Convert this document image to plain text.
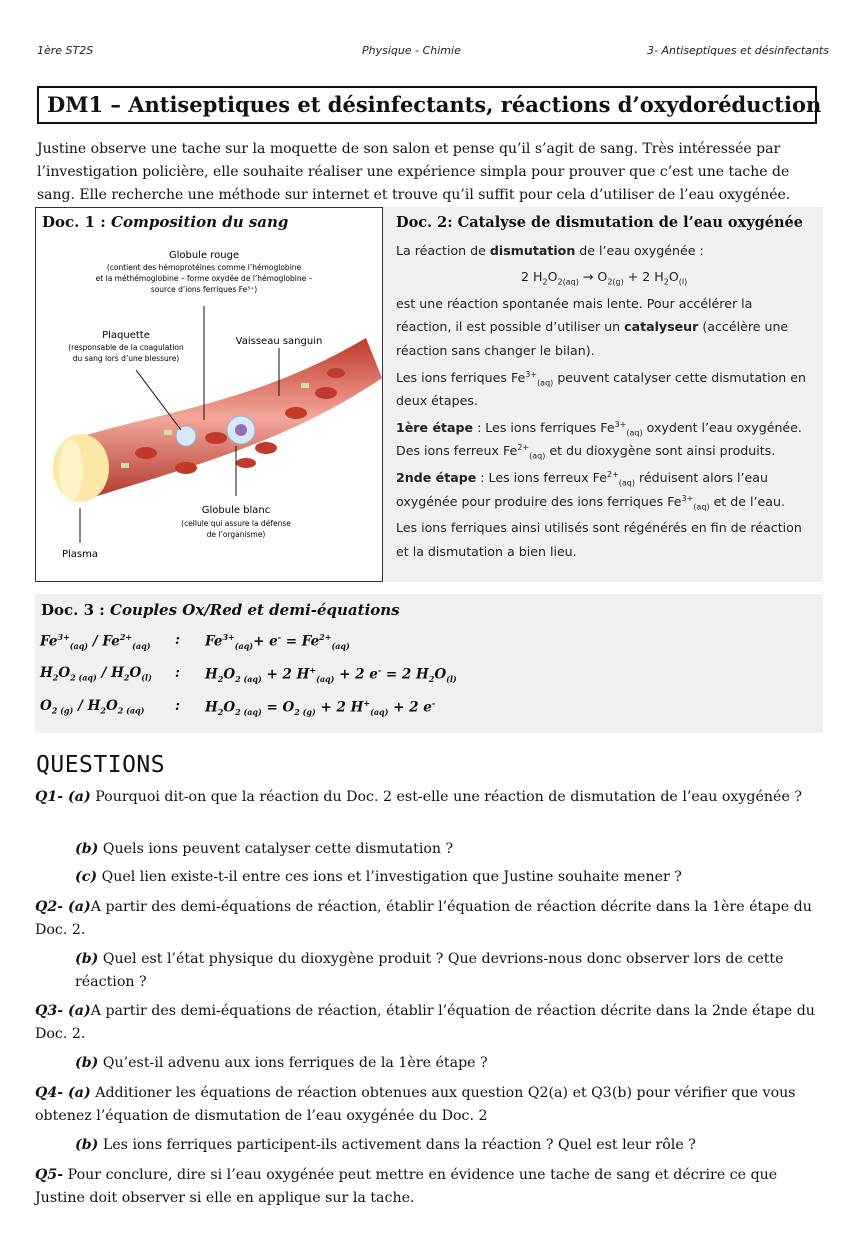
1ère ST2S	Physique - Chimie	3- Antiseptiques et désinfectants
DM1 – Antiseptiques et désinfectants, réactions d’oxydoréduction
Justine observe une tache sur la moquette de son salon et pense qu’il s’agit de sang. Très intéressée par l’investigation policière, elle souhaite réaliser une expérience simpla pour prouver que c’est une tache de sang. Elle recherche une méthode sur internet et trouve qu’il suffit pour cela d’utiliser de l’eau oxygénée.
Doc. 1 : Composition du sang
Globule rouge
(contient des hémoprotéines comme l’hémoglobine
et la méthémoglobine – forme oxydée de l’hémoglobine –
source d’ions ferriques Fe³⁺)
Plaquette
(responsable de la coagulation
du sang lors d’une blessure)
Vaisseau sanguin
Globule blanc
(cellule qui assure la défense
de l’organisme)
Plasma
Doc. 2: Catalyse de dismutation de l’eau oxygénée
La réaction de dismutation de l’eau oxygénée :
2 $H_2O_{2(aq)} \to O_{2(g)} + 2$ $H_2O_{(l)}$
est une réaction spontanée mais lente. Pour accélérer la
réaction, il est possible d’utiliser un catalyseur (accélère une
réaction sans changer le bilan).
Les ions ferriques $Fe^{3+}_{(aq)}$ peuvent catalyser cette dismutation en
deux étapes.
1ère étape : Les ions ferriques $Fe^{3+}_{(aq)}$ oxydent l’eau oxygénée.
Des ions ferreux $Fe^{2+}_{(aq)}$ et du dioxygène sont ainsi produits.
2nde étape : Les ions ferreux $Fe^{2+}_{(aq)}$ réduisent alors l’eau
oxygénée pour produire des ions ferriques $Fe^{3+}_{(aq)}$ et de l’eau.
Les ions ferriques ainsi utilisés sont régénérés en fin de réaction
et la dismutation a bien lieu.
Doc. 3 : Couples Ox/Red et demi-équations
$Fe^{3+}_{(aq)} / Fe^{2+}_{(aq)}$ : $Fe^{3+}_{(aq)}+ e^- = Fe^{2+}_{(aq)}$
$H_2O_{2 (aq)} / H_2O_{(l)}$ : $H_2O_{2 (aq)} + 2$ $H^+_{(aq)} + 2$ e- = 2 $H_2O_{(l)}$
$O_{2 (g)} / H_2O_{2 (aq)}$ : $H_2O_{2 (aq)} = O_{2 (g)} + 2$ $H^+_{(aq)} + 2$ e-
QUESTIONS
Q1- (a) Pourquoi dit-on que la réaction du Doc. 2 est-elle une réaction de dismutation de l’eau oxygénée ?
(b) Quels ions peuvent catalyser cette dismutation ?
(c) Quel lien existe-t-il entre ces ions et l’investigation que Justine souhaite mener ?
Q2- (a)A partir des demi-équations de réaction, établir l’équation de réaction décrite dans la 1ère étape du Doc. 2.
(b) Quel est l’état physique du dioxygène produit ? Que devrions-nous donc observer lors de cette réaction ?
Q3- (a)A partir des demi-équations de réaction, établir l’équation de réaction décrite dans la 2nde étape du Doc. 2.
(b) Qu’est-il advenu aux ions ferriques de la 1ère étape ?
Q4- (a) Additioner les équations de réaction obtenues aux question Q2(a) et Q3(b) pour vérifier que vous obtenez l’équation de dismutation de l’eau oxygénée du Doc. 2
(b) Les ions ferriques participent-ils activement dans la réaction ? Quel est leur rôle ?
Q5- Pour conclure, dire si l’eau oxygénée peut mettre en évidence une tache de sang et décrire ce que Justine doit observer si elle en applique sur la tache.
